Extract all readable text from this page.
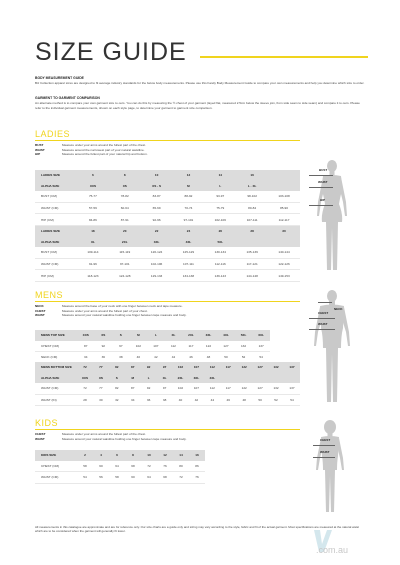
SIZE GUIDE
BODY MEASUREMENT GUIDE
Biz Collection apparel sizes are designed to fit average industry standards for the below body measurements. Please use this handy Body Measurement Guide to compare your own measurements and help you determine which size to order.
GARMENT TO GARMENT COMPARISON
An alternate method is to compare your own garment size to ours. You can do this by measuring the ½ chest of your garment (layed flat, measured 2.5cm below the sleeve join, from side seam to side seam) and compare it to ours. Please refer to the individual garment measurements, shown on each style page, to determine your garment to garment size comparison.
LADIES
BUST	Measure under your arms around the fullest part of the chest.
WAIST	Measure around the narrowest part of your natural waistline.
HIP	Measure around the fullest part of your natural hip and bottom.
LADIES SIZE	6	8	10	12	14	16	
ALPHA SIZE	XXS	XS	XS - S	M	L	L - XL	
BUST (CM)	75-77	78-82	83-87	88-92	93-97	98-102	103-108
WAIST (CM)	57-59	60-64	65-69	70-74	75-79	80-84	85-90
HIP (CM)	84-86	87-91	92-96	97-101	102-106	107-111	112-117
LADIES SIZE	18	20	22	24	26	28	30
ALPHA SIZE	XL	2XL	3XL	4XL	5XL		
BUST (CM)	109-114	115-119	120-124	125-129	130-134	135-139	140-144
WAIST (CM)	91-96	97-101	102-106	107-111	112-116	117-121	122-126
HIP (CM)	118-123	124-128	129-133	134-138	139-143	144-148	149-153
MENS
NECK	Measure around the base of your neck with one finger between neck and tape measure.
CHEST	Measure under your arms around the fullest part of your chest.
WAIST	Measure around your natural waistline holding one finger between tape measure and body.
MENS TOP SIZE	XXS	XS	S	M	L	XL	2XL	3XL	4XL	5XL	6XL
CHEST (CM)	87	92	97	102	107	112	117	122	127	132	137
NECK (CM)	34	36	38	40	42	44	46	48	50	52	54
MENS BOTTOM SIZE	72	77	82	87	92	97	102	107	112	117	122	127	132	137
ALPHA SIZE	XXS	XS	S	M	L	XL	2XL	3XL	4XL					
WAIST (CM)	72	77	82	87	92	97	102	107	112	117	122	127	132	137
WAIST (IN)	28	30	32	34	36	38	40	42	44	46	48	50	52	54
KIDS
CHEST	Measure under your arms around the fullest part of the chest.
WAIST	Measure around your natural waistline holding one finger between tape measure and body.
KIDS SIZE	2	4	6	8	10	12	14	16
CHEST (CM)	58	60	64	68	72	76	80	86
WAIST (CM)	54	56	58	60	64	68	72	76
BUST
WAIST
HIP
NECK
CHEST
WAIST
CHEST
WAIST
All measurements in this catalogue are approximate and are for reference only. Our size charts are a guide only and sizing may vary according to the style, fabric and fit of the actual garment. Most specifications are measured at the natural waist which are to be considered when the garment will generally fit lower.
.com.au
